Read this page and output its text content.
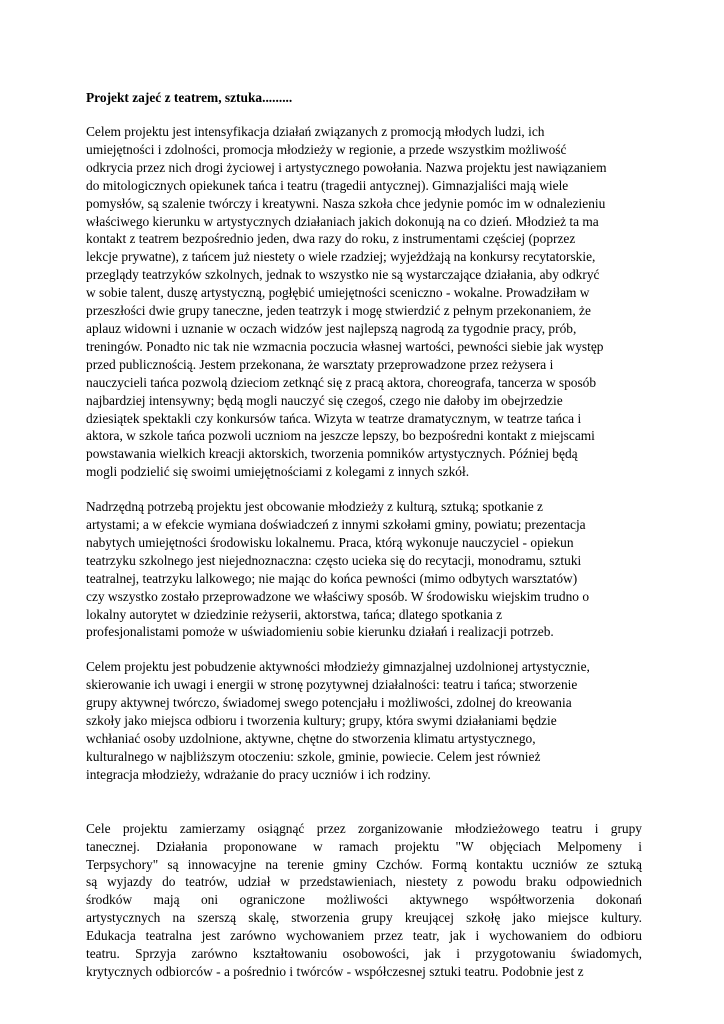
Projekt zajeć z teatrem, sztuka.........

Celem projektu jest intensyfikacja działań związanych z promocją młodych ludzi, ich
umiejętności i zdolności, promocja młodzieży w regionie, a przede wszystkim możliwość
odkrycia przez nich drogi życiowej i artystycznego powołania. Nazwa projektu jest nawiązaniem
do mitologicznych opiekunek tańca i teatru (tragedii antycznej). Gimnazjaliści mają wiele
pomysłów, są szalenie twórczy i kreatywni. Nasza szkoła chce jedynie pomóc im w odnalezieniu
właściwego kierunku w artystycznych działaniach jakich dokonują na co dzień. Młodzież ta ma
kontakt z teatrem bezpośrednio jeden, dwa razy do roku, z instrumentami częściej (poprzez
lekcje prywatne), z tańcem już niestety o wiele rzadziej; wyjeżdżają na konkursy recytatorskie,
przeglądy teatrzyków szkolnych, jednak to wszystko nie są wystarczające działania, aby odkryć
w sobie talent, duszę artystyczną, pogłębić umiejętności sceniczno - wokalne. Prowadziłam w
przeszłości dwie grupy taneczne, jeden teatrzyk i mogę stwierdzić z pełnym przekonaniem, że
aplauz widowni i uznanie w oczach widzów jest najlepszą nagrodą za tygodnie pracy, prób,
treningów. Ponadto nic tak nie wzmacnia poczucia własnej wartości, pewności siebie jak występ
przed publicznością. Jestem przekonana, że warsztaty przeprowadzone przez reżysera i
nauczycieli tańca pozwolą dzieciom zetknąć się z pracą aktora, choreografa, tancerza w sposób
najbardziej intensywny; będą mogli nauczyć się czegoś, czego nie dałoby im obejrzedzie
dziesiątek spektakli czy konkursów tańca. Wizyta w teatrze dramatycznym, w teatrze tańca i
aktora, w szkole tańca pozwoli uczniom na jeszcze lepszy, bo bezpośredni kontakt z miejscami
powstawania wielkich kreacji aktorskich, tworzenia pomników artystycznych. Później będą
mogli podzielić się swoimi umiejętnościami z kolegami z innych szkół.

Nadrzędną potrzebą projektu jest obcowanie młodzieży z kulturą, sztuką; spotkanie z
artystami; a w efekcie wymiana doświadczeń z innymi szkołami gminy, powiatu; prezentacja
nabytych umiejętności środowisku lokalnemu. Praca, którą wykonuje nauczyciel - opiekun
teatrzyku szkolnego jest niejednoznaczna: często ucieka się do recytacji, monodramu, sztuki
teatralnej, teatrzyku lalkowego; nie mając do końca pewności (mimo odbytych warsztatów)
czy wszystko zostało przeprowadzone we właściwy sposób. W środowisku wiejskim trudno o
lokalny autorytet w dziedzinie reżyserii, aktorstwa, tańca; dlatego spotkania z
profesjonalistami pomoże w uświadomieniu sobie kierunku działań i realizacji potrzeb.

Celem projektu jest pobudzenie aktywności młodzieży gimnazjalnej uzdolnionej artystycznie,
skierowanie ich uwagi i energii w stronę pozytywnej działalności: teatru i tańca; stworzenie
grupy aktywnej twórczo, świadomej swego potencjału i możliwości, zdolnej do kreowania
szkoły jako miejsca odbioru i tworzenia kultury; grupy, która swymi działaniami będzie
wchłaniać osoby uzdolnione, aktywne, chętne do stworzenia klimatu artystycznego,
kulturalnego w najbliższym otoczeniu: szkole, gminie, powiecie. Celem jest również
integracja młodzieży, wdrażanie do pracy uczniów i ich rodziny.

Cele projektu zamierzamy osiągnąć przez zorganizowanie młodzieżowego teatru i grupy
tanecznej. Działania proponowane w ramach projektu "W objęciach Melpomeny i
Terpsychory" są innowacyjne na terenie gminy Czchów. Formą kontaktu uczniów ze sztuką
są wyjazdy do teatrów, udział w przedstawieniach, niestety z powodu braku odpowiednich
środków mają oni ograniczone możliwości aktywnego współtworzenia dokonań
artystycznych na szerszą skalę, stworzenia grupy kreującej szkołę jako miejsce kultury.
Edukacja teatralna jest zarówno wychowaniem przez teatr, jak i wychowaniem do odbioru
teatru. Sprzyja zarówno kształtowaniu osobowości, jak i przygotowaniu świadomych,
krytycznych odbiorców - a pośrednio i twórców - współczesnej sztuki teatru. Podobnie jest z
